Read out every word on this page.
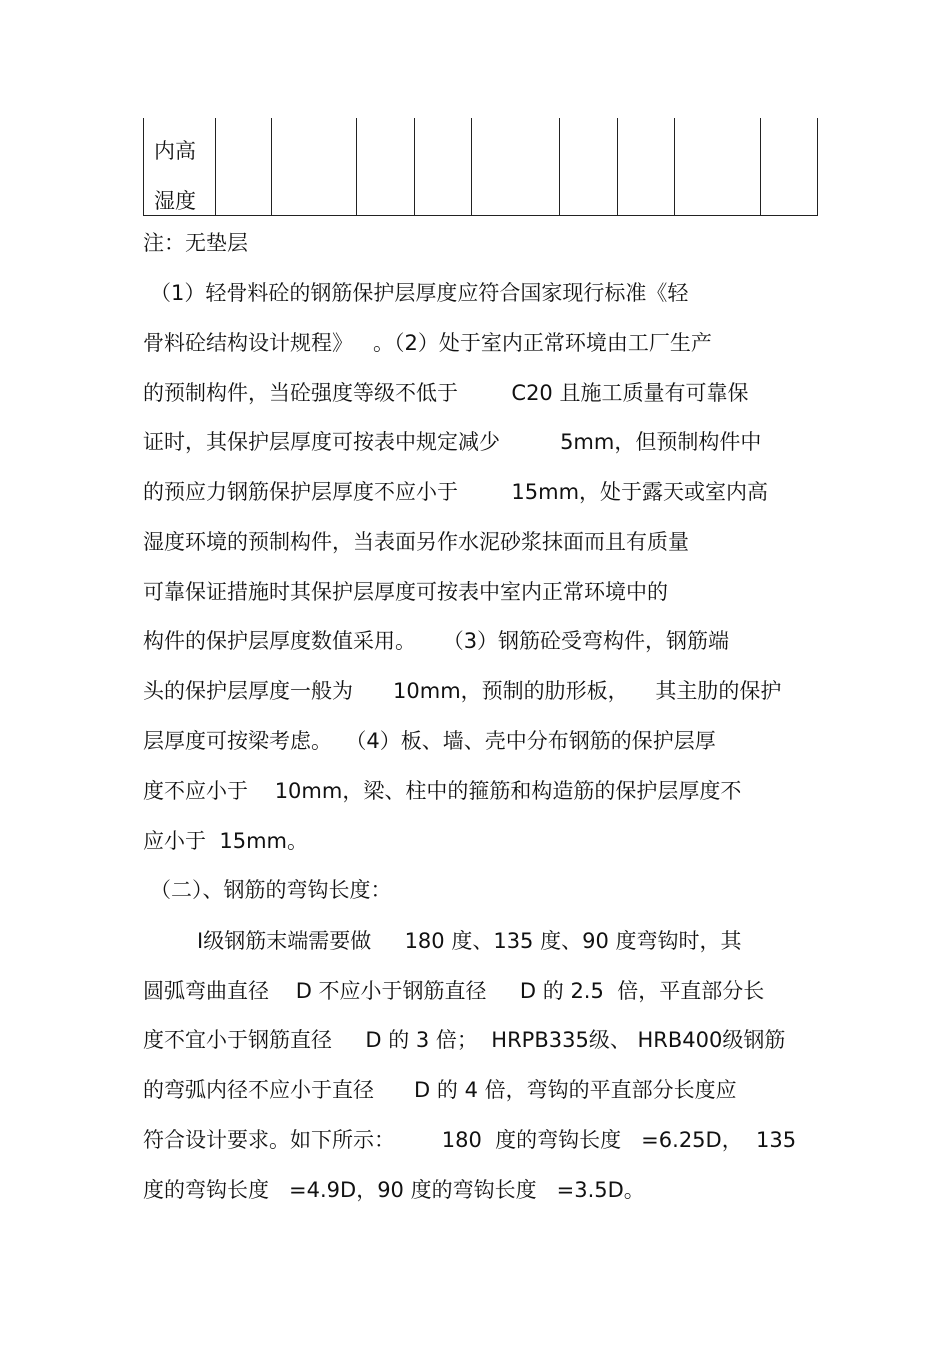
内高
湿度
注：无垫层
（1）轻骨料砼的钢筋保护层厚度应符合国家现行标准《轻
骨料砼结构设计规程》   。（2）处于室内正常环境由工厂生产
的预制构件，当砼强度等级不低于        C20 且施工质量有可靠保
证时，其保护层厚度可按表中规定减少         5mm，但预制构件中
的预应力钢筋保护层厚度不应小于        15mm，处于露天或室内高
湿度环境的预制构件，当表面另作水泥砂浆抹面而且有质量
可靠保证措施时其保护层厚度可按表中室内正常环境中的
构件的保护层厚度数值采用。    （3）钢筋砼受弯构件，钢筋端
头的保护层厚度一般为      10mm，预制的肋形板，    其主肋的保护
层厚度可按梁考虑。  （4）板、墙、壳中分布钢筋的保护层厚
度不应小于    10mm，梁、柱中的箍筋和构造筋的保护层厚度不
应小于  15mm。
（二）、钢筋的弯钩长度：
Ⅰ级钢筋末端需要做     180 度、135 度、90 度弯钩时，其
圆弧弯曲直径    D 不应小于钢筋直径     D 的 2.5  倍，平直部分长
度不宜小于钢筋直径     D 的 3 倍；  HRPB335级、 HRB400级钢筋
的弯弧内径不应小于直径      D 的 4 倍，弯钩的平直部分长度应
符合设计要求。如下所示：       180  度的弯钩长度   =6.25D，  135
度的弯钩长度   =4.9D，90 度的弯钩长度   =3.5D。
